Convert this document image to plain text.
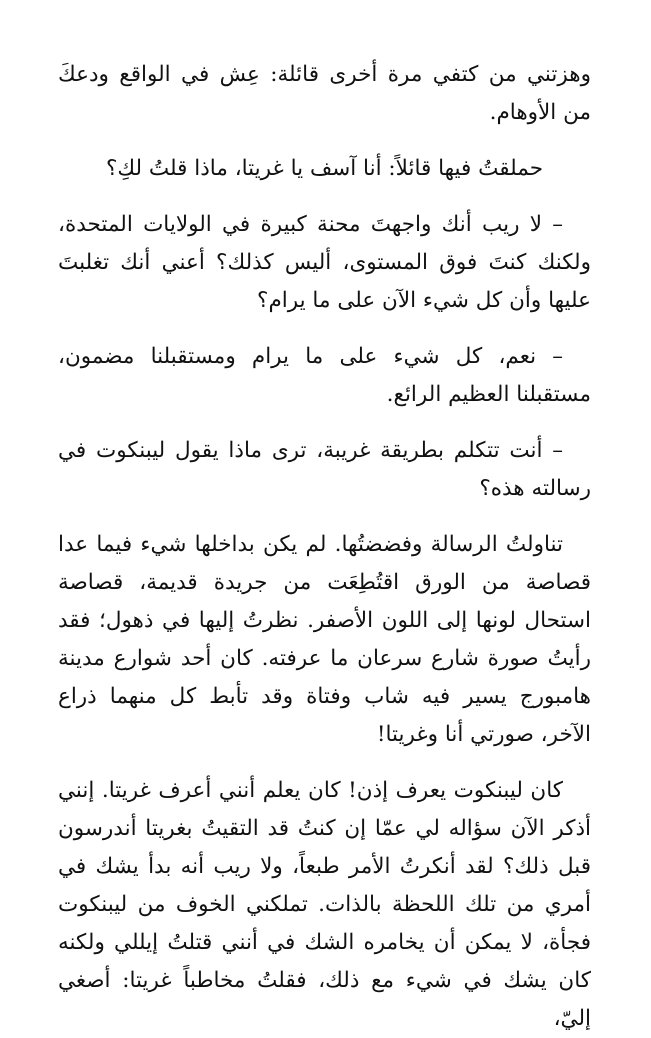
وهزتني من كتفي مرة أخرى قائلة: عِش في الواقع ودعكَ من الأوهام.

حملقتُ فيها قائلاً: أنا آسف يا غريتا، ماذا قلتُ لكِ؟

– لا ريب أنك واجهتَ محنة كبيرة في الولايات المتحدة، ولكنك كنتَ فوق المستوى، أليس كذلك؟ أعني أنك تغلبتَ عليها وأن كل شيء الآن على ما يرام؟

– نعم، كل شيء على ما يرام ومستقبلنا مضمون، مستقبلنا العظيم الرائع.

– أنت تتكلم بطريقة غريبة، ترى ماذا يقول ليبنكوت في رسالته هذه؟

تناولتُ الرسالة وفضضتُها. لم يكن بداخلها شيء فيما عدا قصاصة من الورق اقتُطِعَت من جريدة قديمة، قصاصة استحال لونها إلى اللون الأصفر. نظرتُ إليها في ذهول؛ فقد رأيتُ صورة شارع سرعان ما عرفته. كان أحد شوارع مدينة هامبورج يسير فيه شاب وفتاة وقد تأبط كل منهما ذراع الآخر، صورتي أنا وغريتا!

كان ليبنكوت يعرف إذن! كان يعلم أنني أعرف غريتا. إنني أذكر الآن سؤاله لي عمّا إن كنتُ قد التقيتُ بغريتا أندرسون قبل ذلك؟ لقد أنكرتُ الأمر طبعاً، ولا ريب أنه بدأ يشك في أمري من تلك اللحظة بالذات. تملكني الخوف من ليبنكوت فجأة، لا يمكن أن يخامره الشك في أنني قتلتُ إيللي ولكنه كان يشك في شيء مع ذلك، فقلتُ مخاطباً غريتا: أصغي إليّ،
